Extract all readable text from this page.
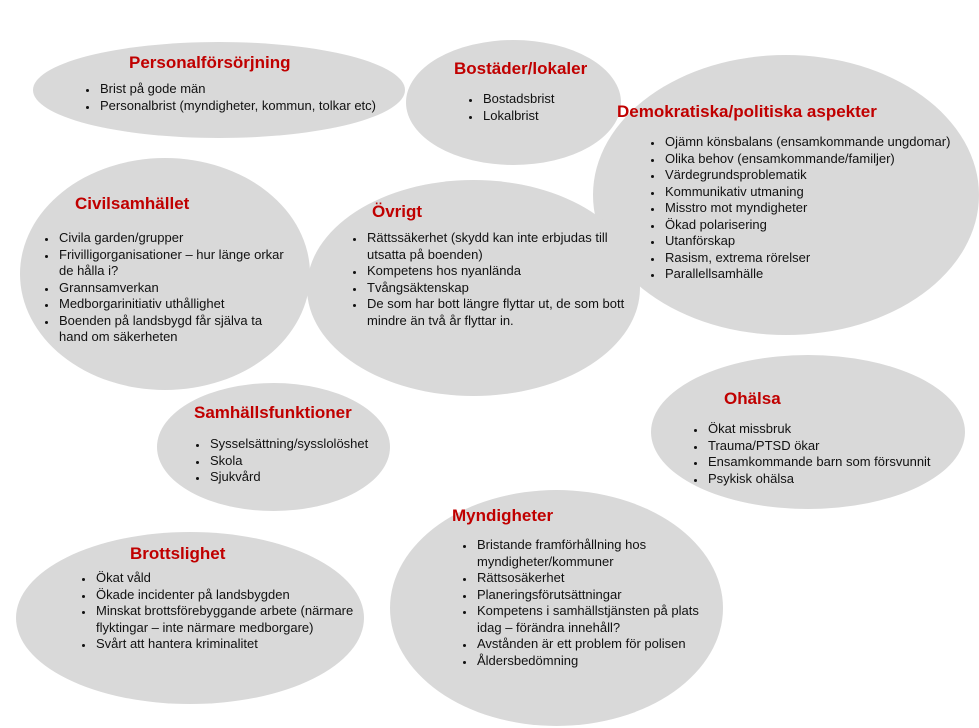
Personalförsörjning
• Brist på gode män
• Personalbrist (myndigheter, kommun, tolkar etc)
Bostäder/lokaler
• Bostadsbrist
• Lokalbrist	Demokratiska/politiska aspekter
• Ojämn könsbalans (ensamkommande ungdomar)
• Olika behov (ensamkommande/familjer)
• Värdegrundsproblematik
• Kommunikativ utmaning
• Misstro mot myndigheter
• Ökad polarisering
• Utanförskap
• Rasism, extrema rörelser
• Parallellsamhälle
Civilsamhället
• Civila garden/grupper
• Frivilligorganisationer – hur länge orkar de hålla i?
• Grannsamverkan
• Medborgarinitiativ uthållighet
• Boenden på landsbygd får själva ta hand om säkerheten
Övrigt
• Rättssäkerhet (skydd kan inte erbjudas till utsatta på boenden)
• Kompetens hos nyanlända
• Tvångsäktenskap
• De som har bott längre flyttar ut, de som bott mindre än två år flyttar in.
Samhällsfunktioner
• Sysselsättning/sysslolöshet
• Skola
• Sjukvård
Ohälsa
• Ökat missbruk
• Trauma/PTSD ökar
• Ensamkommande barn som försvunnit
• Psykisk ohälsa
Myndigheter
• Bristande framförhållning hos myndigheter/kommuner
• Rättsosäkerhet
• Planeringsförutsättningar
• Kompetens i samhällstjänsten på plats idag – förändra innehåll?
• Avstånden är ett problem för polisen
• Åldersbedömning
Brottslighet
• Ökat våld
• Ökade incidenter på landsbygden
• Minskat brottsförebyggande arbete (närmare flyktingar – inte närmare medborgare)
• Svårt att hantera kriminalitet
